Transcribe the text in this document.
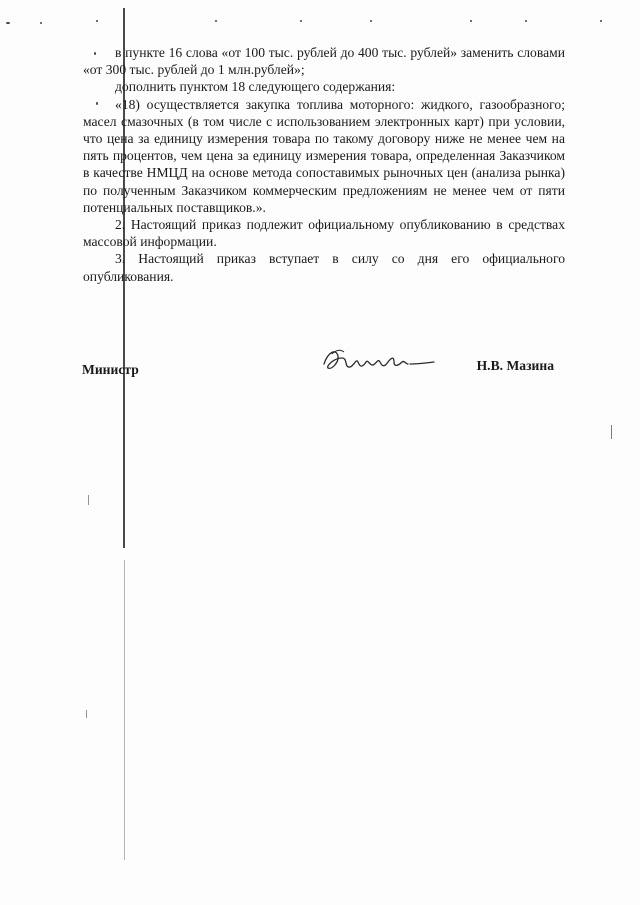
в пункте 16 слова «от 100 тыс. рублей до 400 тыс. рублей» заменить словами «от 300 тыс. рублей до 1 млн.рублей»;

дополнить пунктом 18 следующего содержания:

«18) осуществляется закупка топлива моторного: жидкого, газообразного; масел смазочных (в том числе с использованием электронных карт) при условии, что цена за единицу измерения товара по такому договору ниже не менее чем на пять процентов, чем цена за единицу измерения товара, определенная Заказчиком в качестве НМЦД на основе метода сопоставимых рыночных цен (анализа рынка) по полученным Заказчиком коммерческим предложениям не менее чем от пяти потенциальных поставщиков.».

2. Настоящий приказ подлежит официальному опубликованию в средствах массовой информации.

3. Настоящий приказ вступает в силу со дня его официального опубликования.

Министр	Н.В. Мазина
